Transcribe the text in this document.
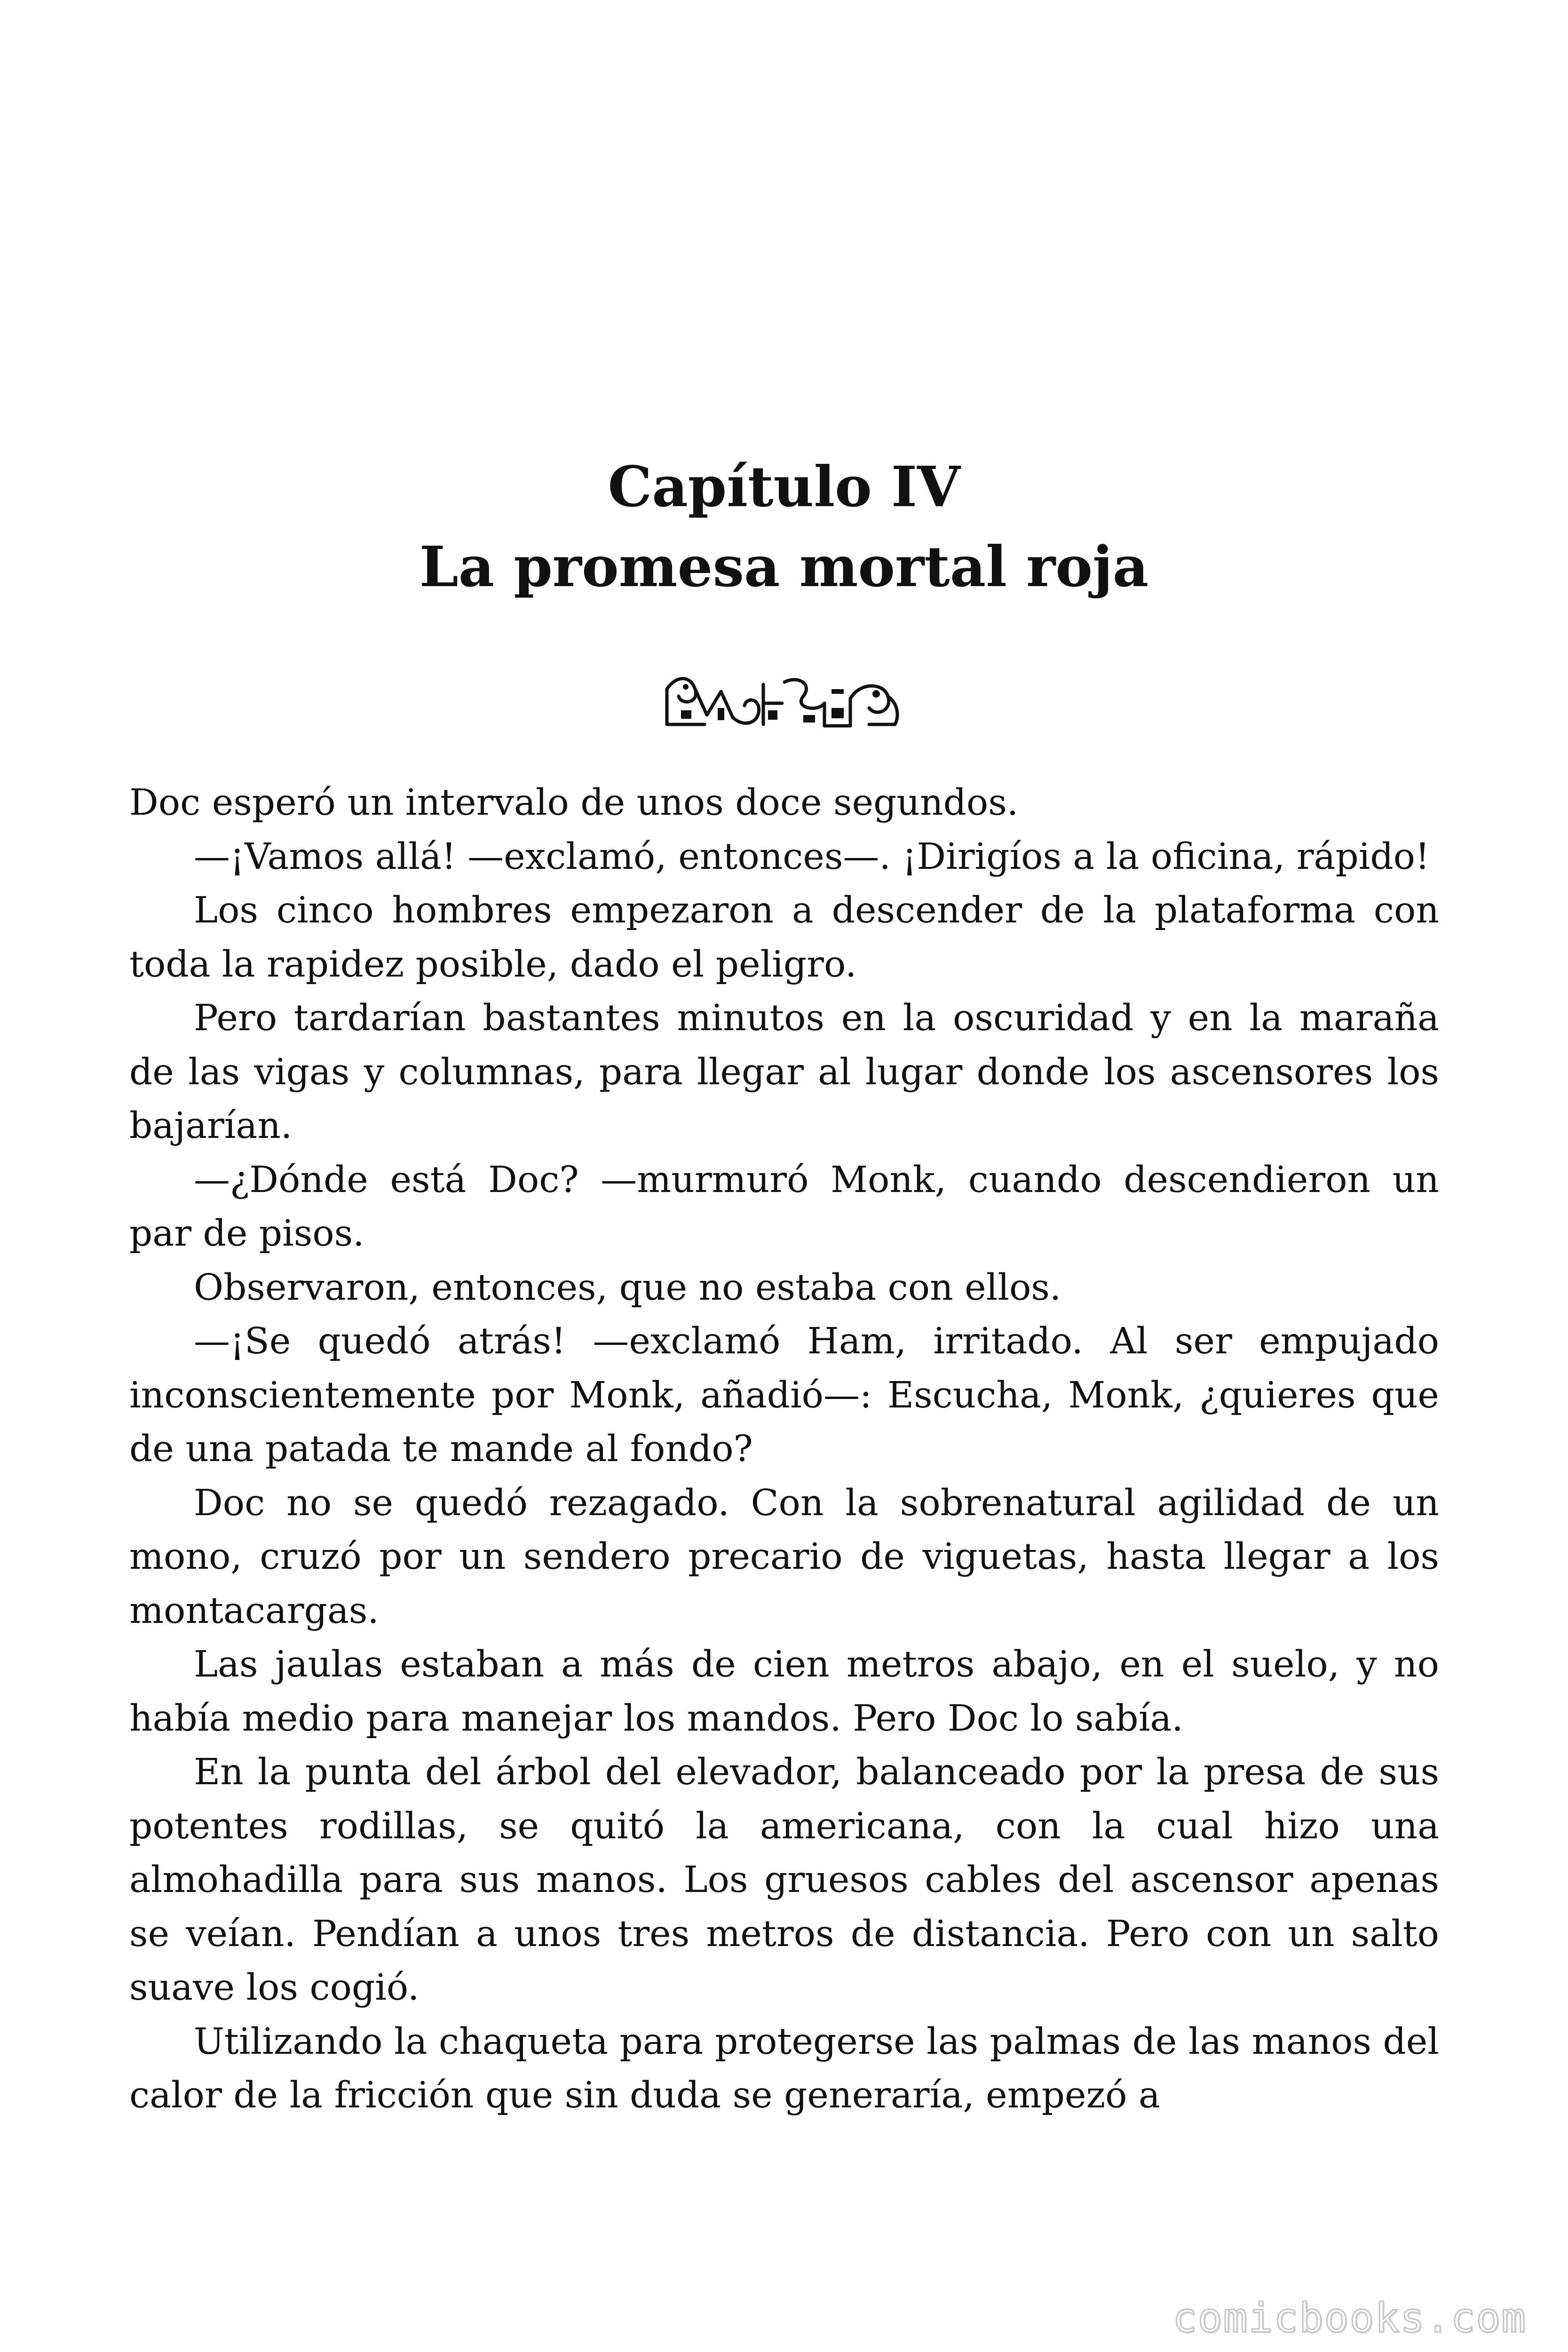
Capítulo IV
La promesa mortal roja

Doc esperó un intervalo de unos doce segundos.

—¡Vamos allá! —exclamó, entonces—. ¡Dirigíos a la oficina, rápido!

Los cinco hombres empezaron a descender de la plataforma con toda la rapidez posible, dado el peligro.

Pero tardarían bastantes minutos en la oscuridad y en la maraña de las vigas y columnas, para llegar al lugar donde los ascensores los bajarían.

—¿Dónde está Doc? —murmuró Monk, cuando descendieron un par de pisos.

Observaron, entonces, que no estaba con ellos.

—¡Se quedó atrás! —exclamó Ham, irritado. Al ser empujado inconscientemente por Monk, añadió—: Escucha, Monk, ¿quieres que de una patada te mande al fondo?

Doc no se quedó rezagado. Con la sobrenatural agilidad de un mono, cruzó por un sendero precario de viguetas, hasta llegar a los montacargas.

Las jaulas estaban a más de cien metros abajo, en el suelo, y no había medio para manejar los mandos. Pero Doc lo sabía.

En la punta del árbol del elevador, balanceado por la presa de sus potentes rodillas, se quitó la americana, con la cual hizo una almohadilla para sus manos. Los gruesos cables del ascensor apenas se veían. Pendían a unos tres metros de distancia. Pero con un salto suave los cogió.

Utilizando la chaqueta para protegerse las palmas de las manos del calor de la fricción que sin duda se generaría, empezó a

comicbooks.com
